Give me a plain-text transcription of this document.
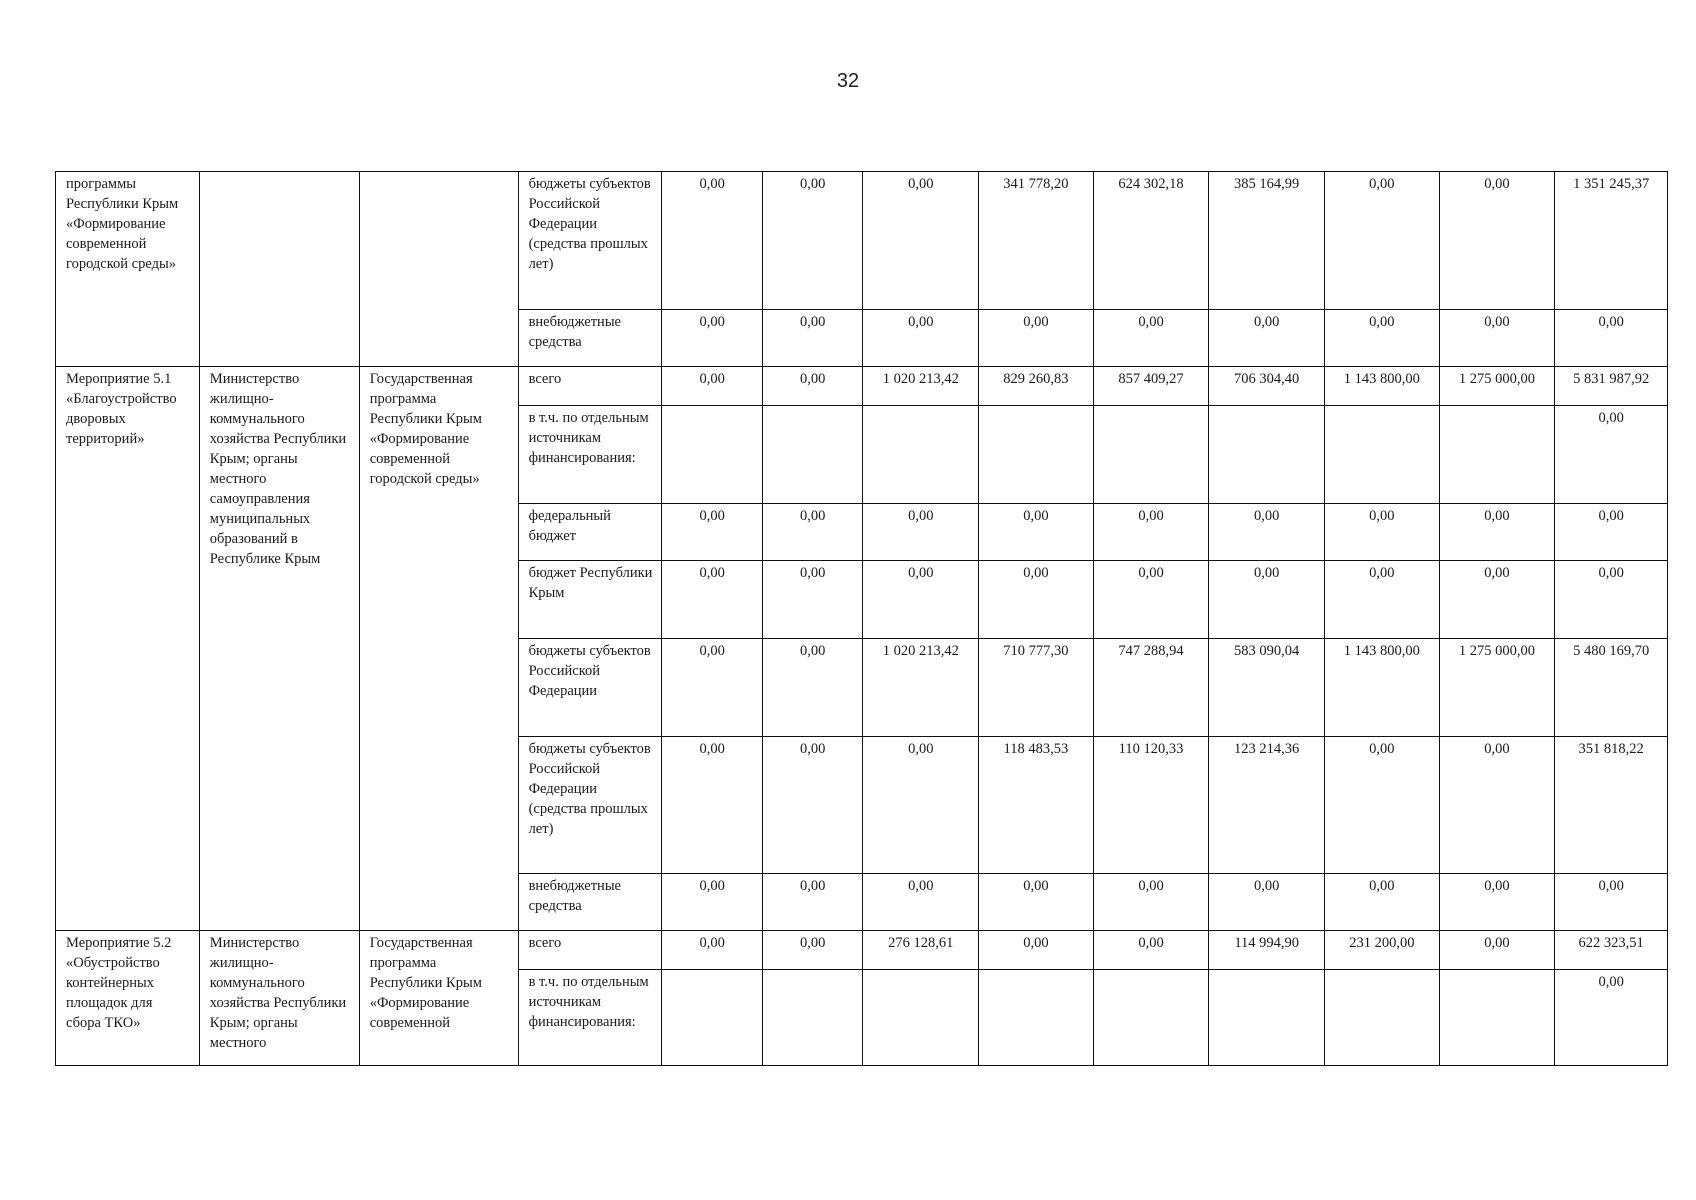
32
программы Республики Крым «Формирование современной городской среды»			бюджеты субъектов Российской Федерации (средства прошлых лет)	0,00	0,00	0,00	341 778,20	624 302,18	385 164,99	0,00	0,00	1 351 245,37
			внебюджетные средства	0,00	0,00	0,00	0,00	0,00	0,00	0,00	0,00	0,00
Мероприятие 5.1 «Благоустройство дворовых территорий»	Министерство жилищно-коммунального хозяйства Республики Крым; органы местного самоуправления муниципальных образований в Республике Крым	Государственная программа Республики Крым «Формирование современной городской среды»	всего	0,00	0,00	1 020 213,42	829 260,83	857 409,27	706 304,40	1 143 800,00	1 275 000,00	5 831 987,92
			в т.ч. по отдельным источникам финансирования:									0,00
			федеральный бюджет	0,00	0,00	0,00	0,00	0,00	0,00	0,00	0,00	0,00
			бюджет Республики Крым	0,00	0,00	0,00	0,00	0,00	0,00	0,00	0,00	0,00
			бюджеты субъектов Российской Федерации	0,00	0,00	1 020 213,42	710 777,30	747 288,94	583 090,04	1 143 800,00	1 275 000,00	5 480 169,70
			бюджеты субъектов Российской Федерации (средства прошлых лет)	0,00	0,00	0,00	118 483,53	110 120,33	123 214,36	0,00	0,00	351 818,22
			внебюджетные средства	0,00	0,00	0,00	0,00	0,00	0,00	0,00	0,00	0,00
Мероприятие 5.2 «Обустройство контейнерных площадок для сбора ТКО»	Министерство жилищно-коммунального хозяйства Республики Крым; органы местного	Государственная программа Республики Крым «Формирование современной	всего	0,00	0,00	276 128,61	0,00	0,00	114 994,90	231 200,00	0,00	622 323,51
			в т.ч. по отдельным источникам финансирования:									0,00
